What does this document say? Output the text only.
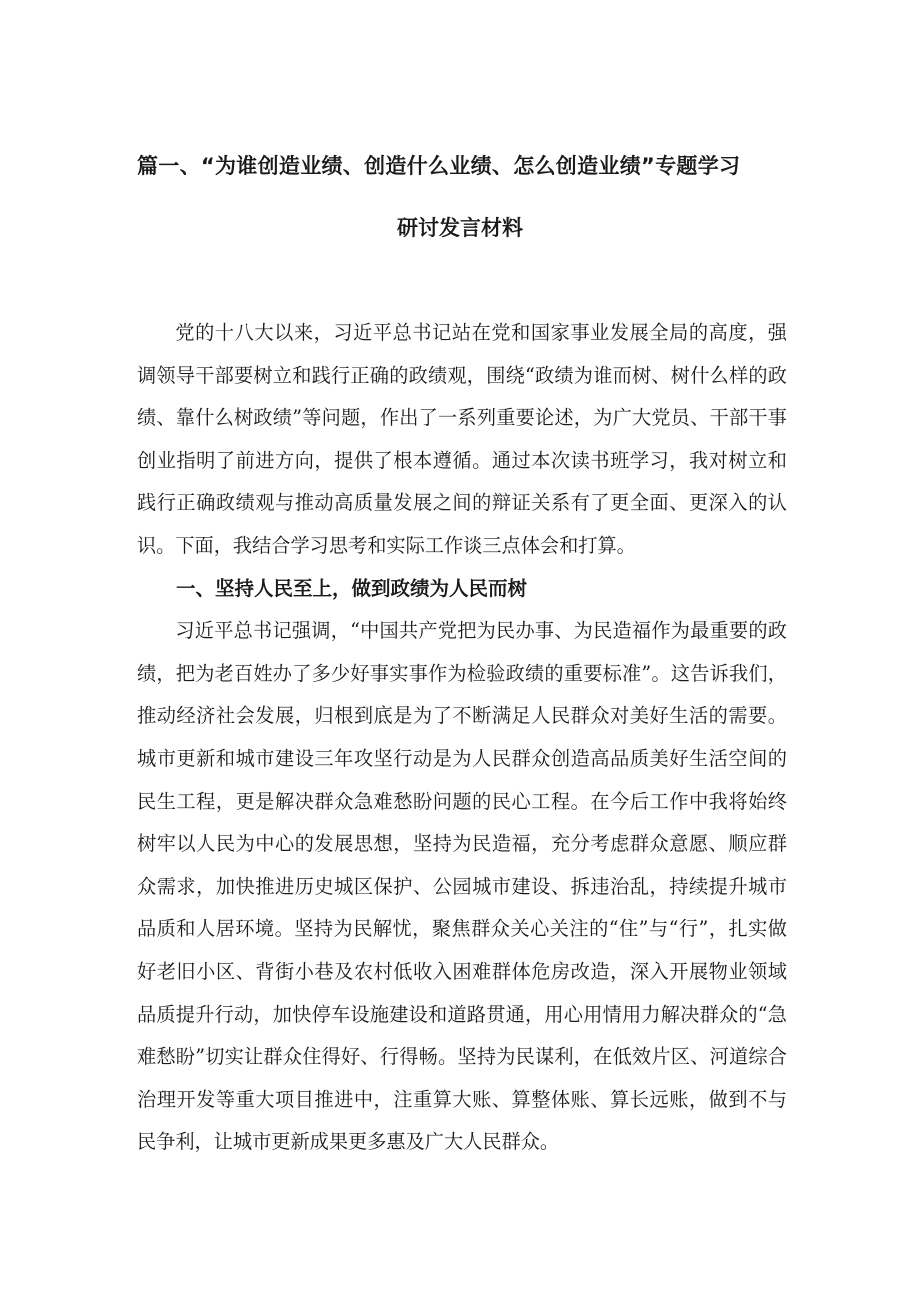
篇一、“为谁创造业绩、创造什么业绩、怎么创造业绩”专题学习
研讨发言材料

党的十八大以来，习近平总书记站在党和国家事业发展全局的高度，强调领导干部要树立和践行正确的政绩观，围绕“政绩为谁而树、树什么样的政绩、靠什么树政绩”等问题，作出了一系列重要论述，为广大党员、干部干事创业指明了前进方向，提供了根本遵循。通过本次读书班学习，我对树立和践行正确政绩观与推动高质量发展之间的辩证关系有了更全面、更深入的认识。下面，我结合学习思考和实际工作谈三点体会和打算。

一、坚持人民至上，做到政绩为人民而树

习近平总书记强调，“中国共产党把为民办事、为民造福作为最重要的政绩，把为老百姓办了多少好事实事作为检验政绩的重要标准”。这告诉我们，推动经济社会发展，归根到底是为了不断满足人民群众对美好生活的需要。城市更新和城市建设三年攻坚行动是为人民群众创造高品质美好生活空间的民生工程，更是解决群众急难愁盼问题的民心工程。在今后工作中我将始终树牢以人民为中心的发展思想，坚持为民造福，充分考虑群众意愿、顺应群众需求，加快推进历史城区保护、公园城市建设、拆违治乱，持续提升城市品质和人居环境。坚持为民解忧，聚焦群众关心关注的“住”与“行”，扎实做好老旧小区、背街小巷及农村低收入困难群体危房改造，深入开展物业领域品质提升行动，加快停车设施建设和道路贯通，用心用情用力解决群众的“急难愁盼”切实让群众住得好、行得畅。坚持为民谋利，在低效片区、河道综合治理开发等重大项目推进中，注重算大账、算整体账、算长远账，做到不与民争利，让城市更新成果更多惠及广大人民群众。
